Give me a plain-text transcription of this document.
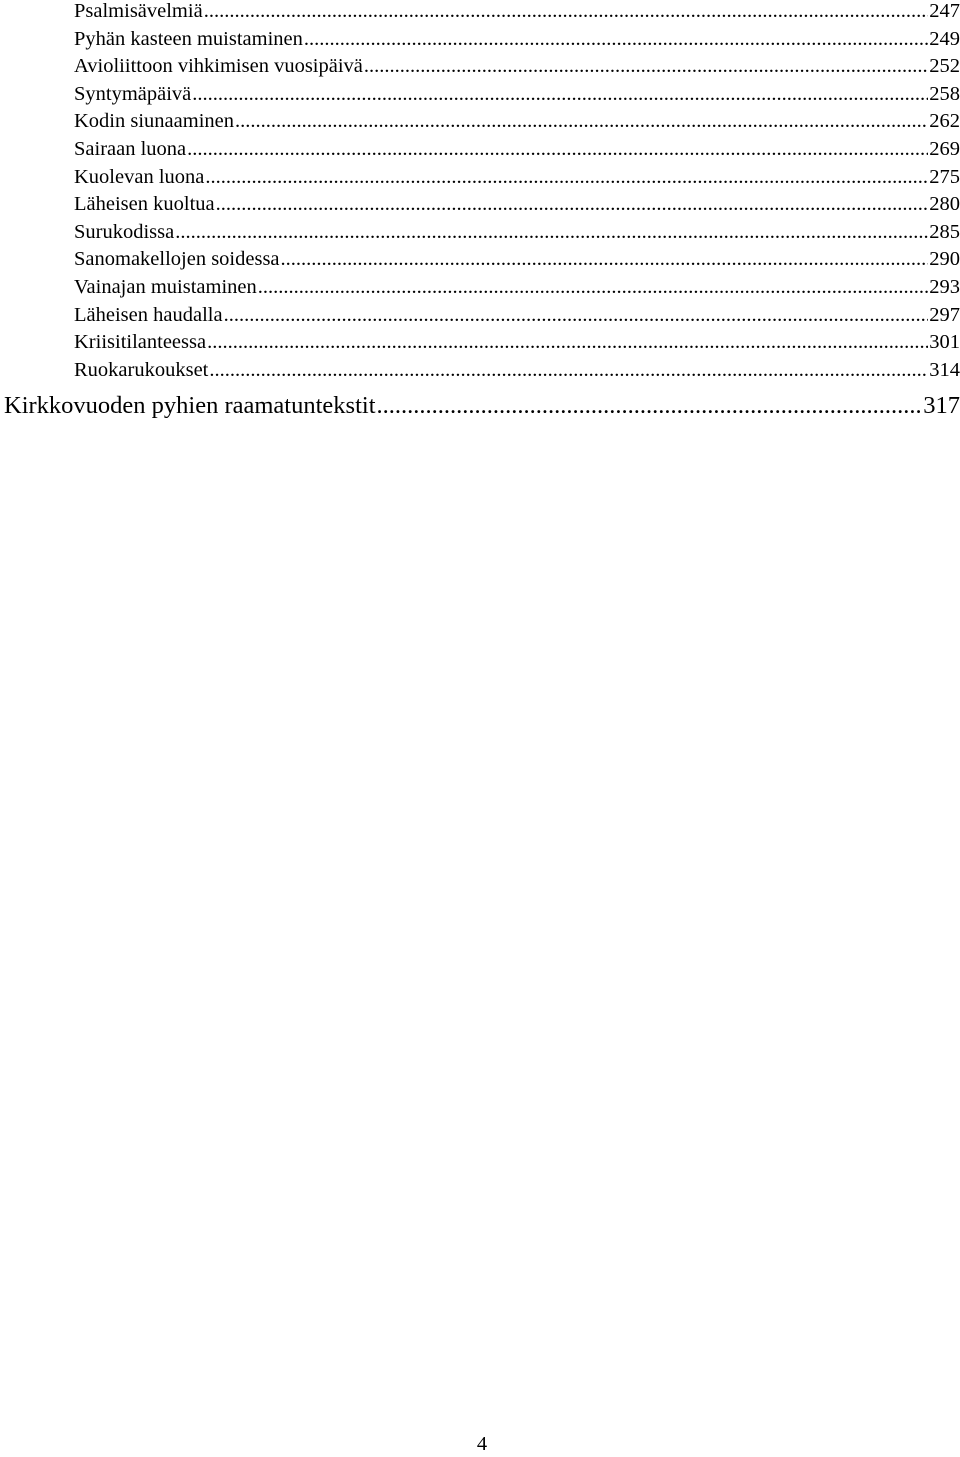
Psalmisävelmiä .....	247
Pyhän kasteen muistaminen .....	249
Avioliittoon vihkimisen vuosipäivä .....	252
Syntymäpäivä .....	258
Kodin siunaaminen .....	262
Sairaan luona .....	269
Kuolevan luona .....	275
Läheisen kuoltua .....	280
Surukodissa .....	285
Sanomakellojen soidessa .....	290
Vainajan muistaminen .....	293
Läheisen haudalla .....	297
Kriisitilanteessa .....	301
Ruokarukoukset .....	314
Kirkkovuoden pyhien raamatuntekstit .....	317
4
